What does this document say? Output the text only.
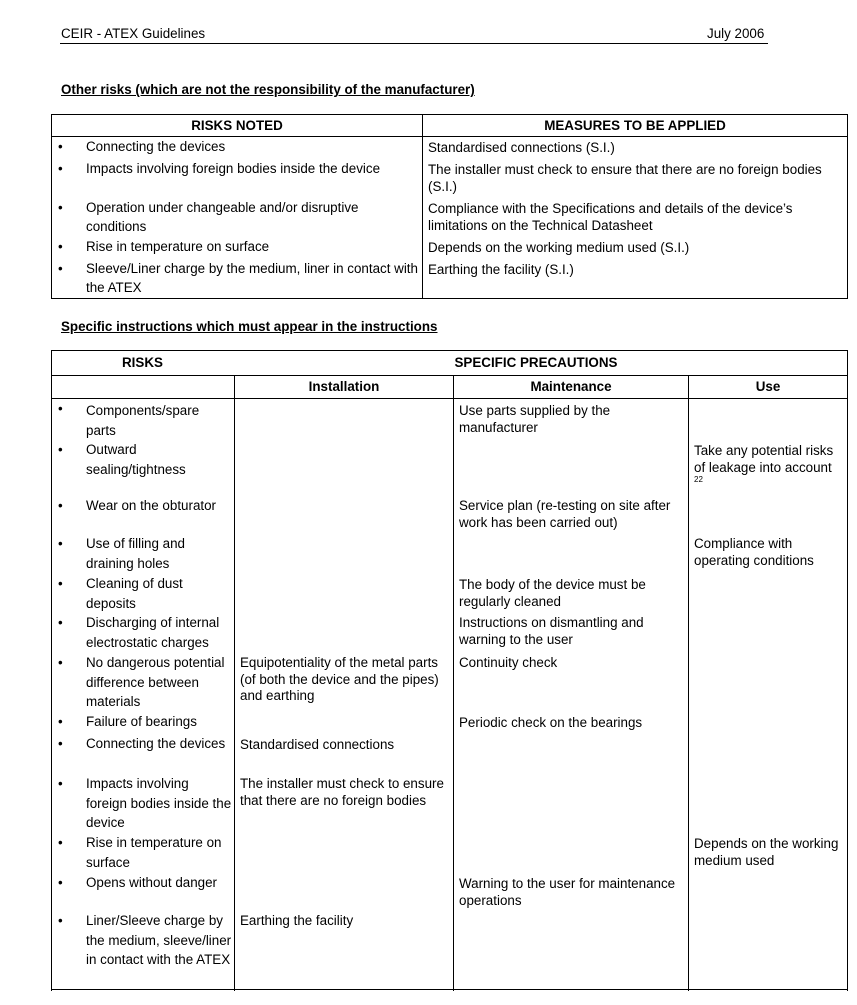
CEIR - ATEX Guidelines	July 2006
Other risks (which are not the responsibility of the manufacturer)
RISKS NOTED	MEASURES TO BE APPLIED

• Connecting the devices	Standardised connections (S.I.)

• Impacts involving foreign bodies inside the device	The installer must check to ensure that there are no foreign bodies (S.I.)

• Operation under changeable and/or disruptive conditions	Compliance with the Specifications and details of the device’s limitations on the Technical Datasheet

• Rise in temperature on surface	Depends on the working medium used (S.I.)

• Sleeve/Liner charge by the medium, liner in contact with the ATEX	Earthing the facility (S.I.)
Specific instructions which must appear in the instructions
RISKS	SPECIFIC PRECAUTIONS		
	Installation	Maintenance	Use

• Components/spare parts		Use parts supplied by the manufacturer	

• Outward sealing/tightness			Take any potential risks of leakage into account
22

• Wear on the obturator		Service plan (re-testing on site after work has been carried out)	

• Use of filling and draining holes			Compliance with operating conditions

• Cleaning of dust deposits		The body of the device must be regularly cleaned	

• Discharging of internal electrostatic charges		Instructions on dismantling and warning to the user	

• No dangerous potential difference between materials	Equipotentiality of the metal parts (of both the device and the pipes) and earthing	Continuity check	

• Failure of bearings		Periodic check on the bearings	

• Connecting the devices	Standardised connections		

• Impacts involving foreign bodies inside the device	The installer must check to ensure that there are no foreign bodies		

• Rise in temperature on surface			Depends on the working medium used

• Opens without danger		Warning to the user for maintenance operations	

• Liner/Sleeve charge by the medium, sleeve/liner in contact with the ATEX	Earthing the facility		
